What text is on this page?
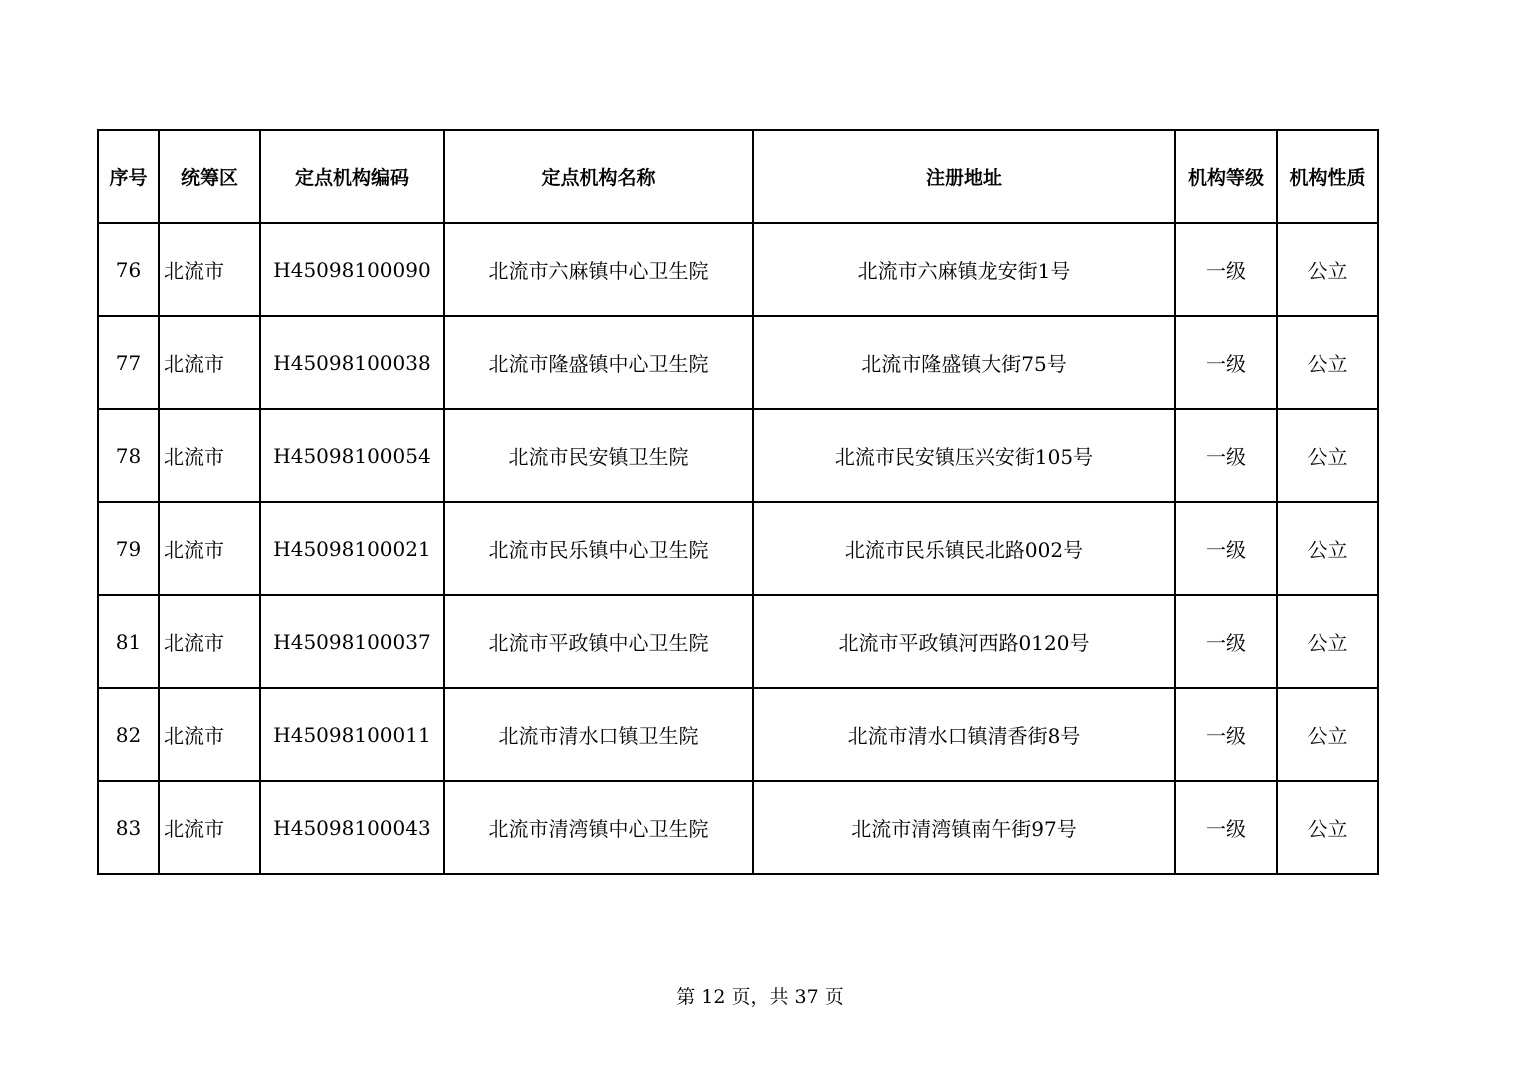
序号	统筹区	定点机构编码	定点机构名称	注册地址	机构等级	机构性质
76	北流市	H45098100090	北流市六麻镇中心卫生院	北流市六麻镇龙安街1号	一级	公立
77	北流市	H45098100038	北流市隆盛镇中心卫生院	北流市隆盛镇大街75号	一级	公立
78	北流市	H45098100054	北流市民安镇卫生院	北流市民安镇压兴安街105号	一级	公立
79	北流市	H45098100021	北流市民乐镇中心卫生院	北流市民乐镇民北路002号	一级	公立
81	北流市	H45098100037	北流市平政镇中心卫生院	北流市平政镇河西路0120号	一级	公立
82	北流市	H45098100011	北流市清水口镇卫生院	北流市清水口镇清香街8号	一级	公立
83	北流市	H45098100043	北流市清湾镇中心卫生院	北流市清湾镇南午街97号	一级	公立
第 12 页，共 37 页
